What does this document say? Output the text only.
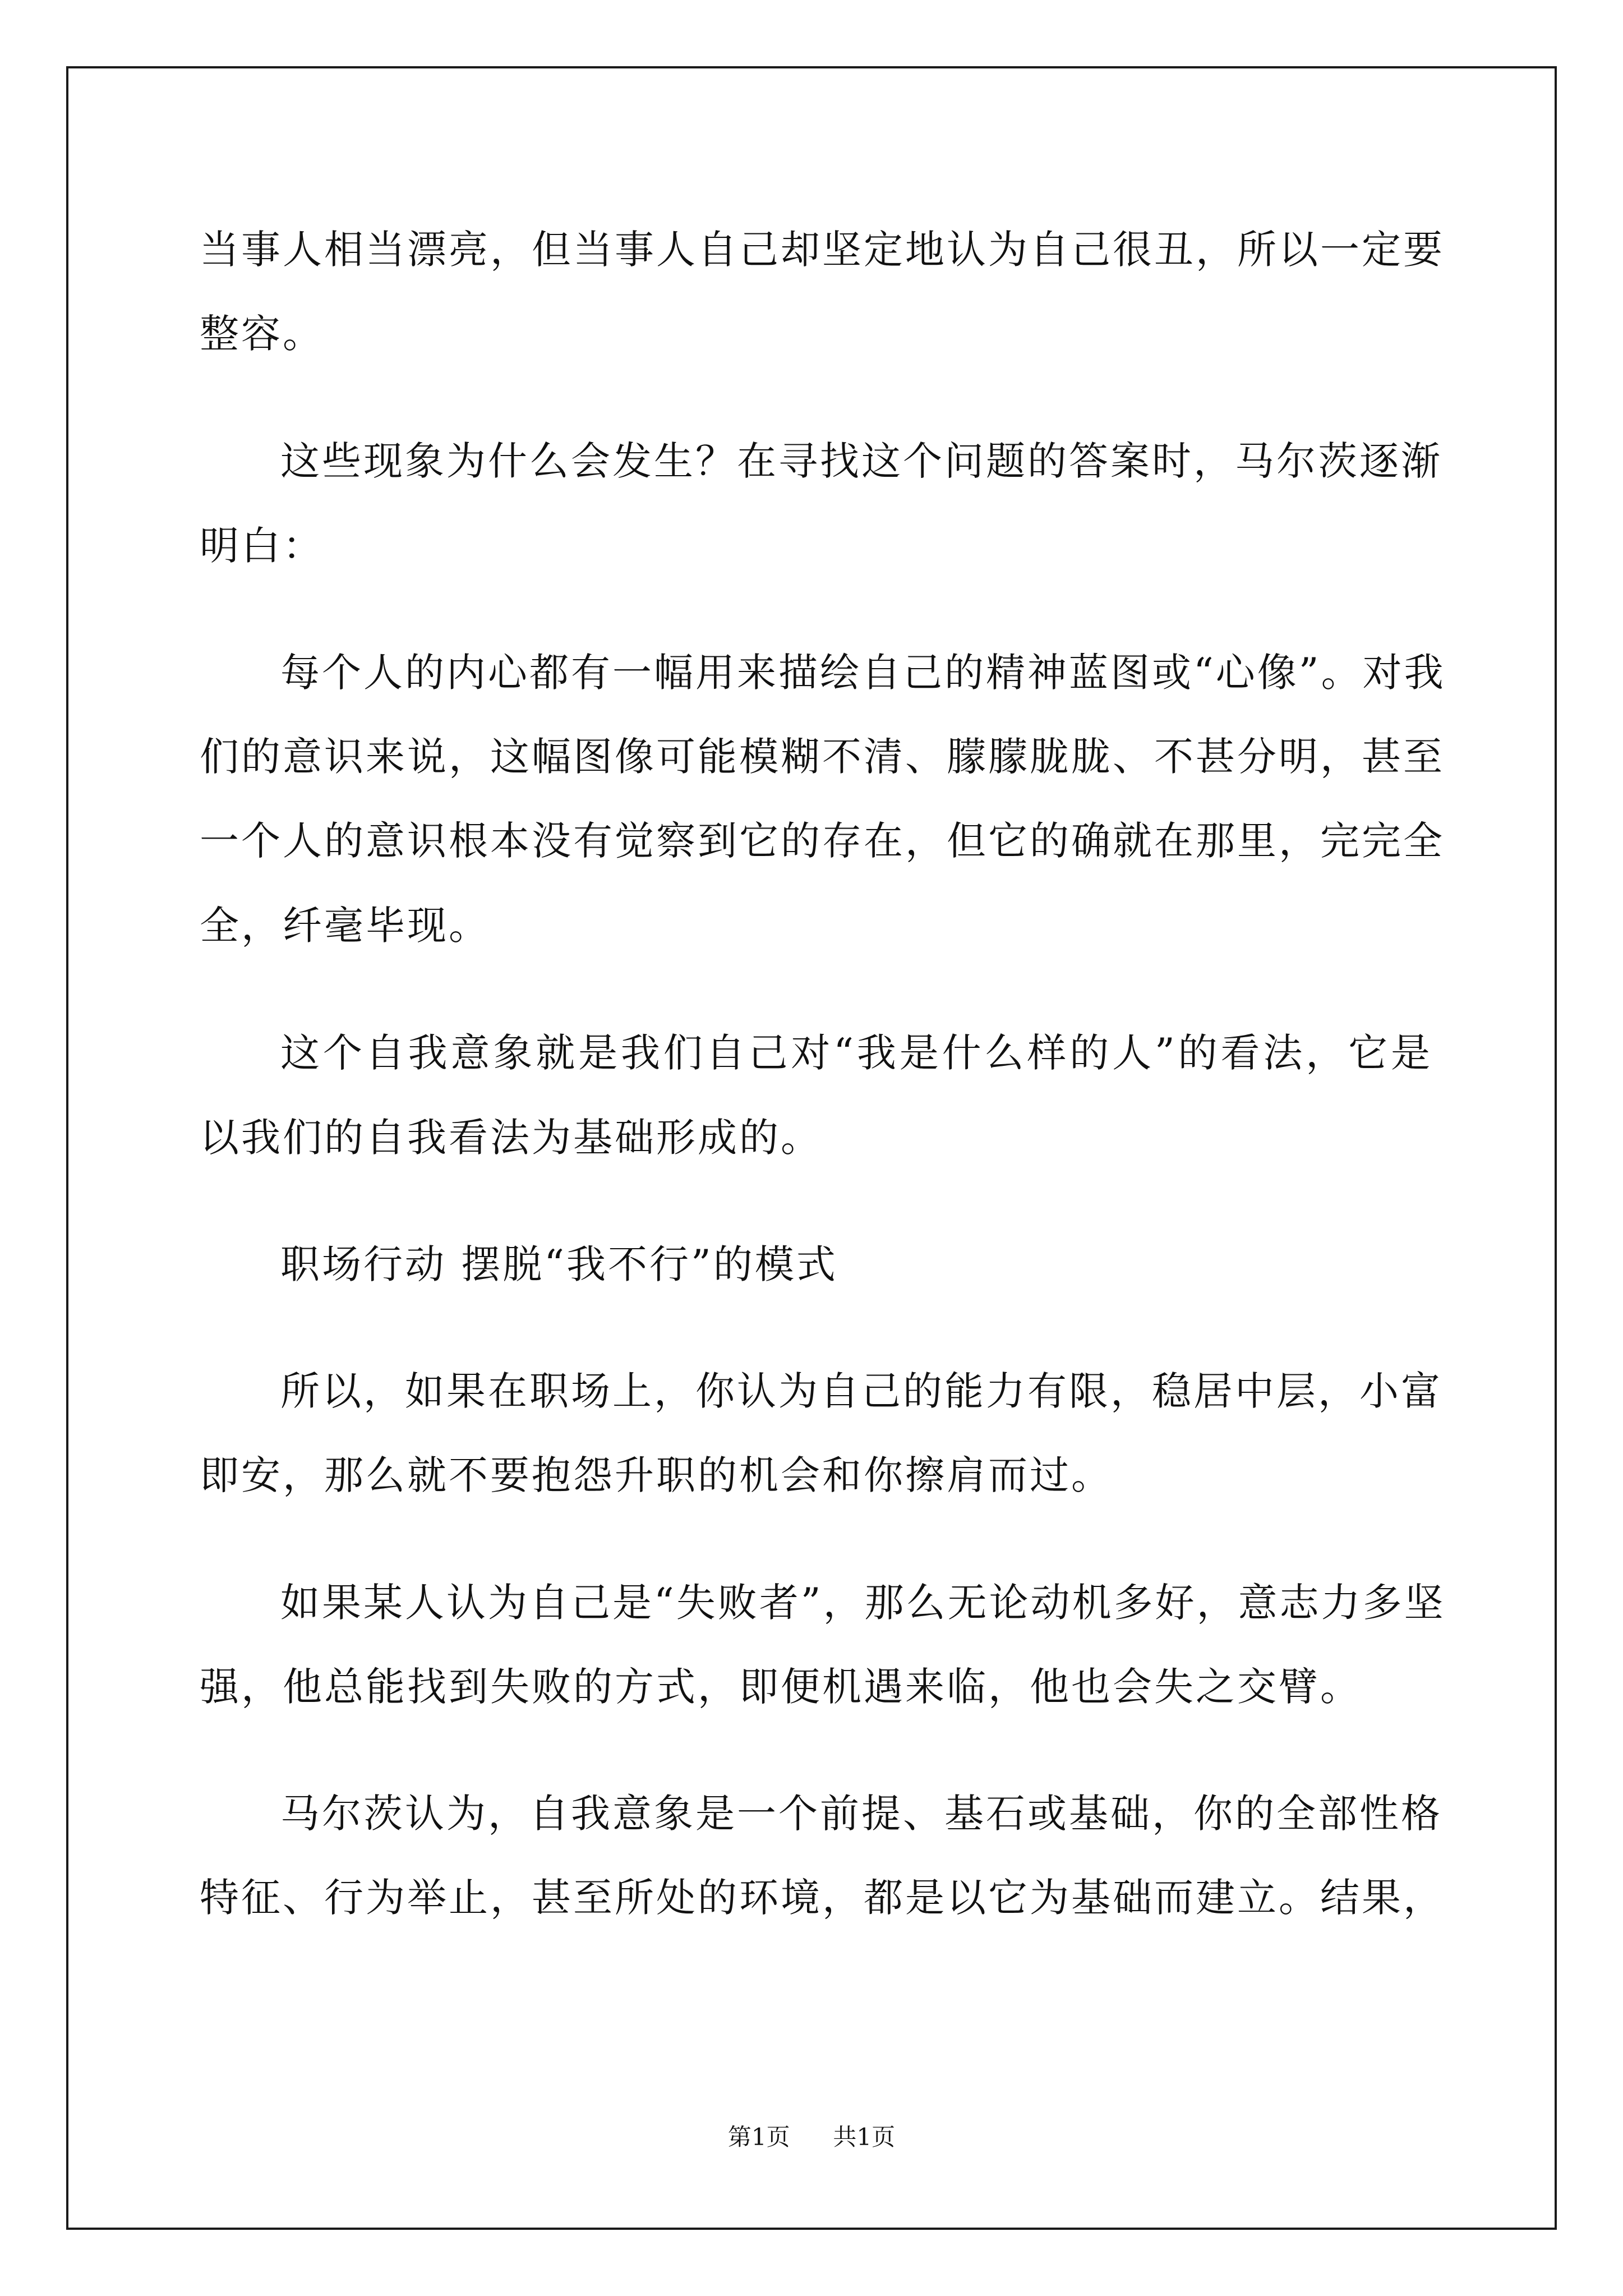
当事人相当漂亮，但当事人自己却坚定地认为自己很丑，所以一定要
整容。
这些现象为什么会发生？在寻找这个问题的答案时，马尔茨逐渐
明白：
每个人的内心都有一幅用来描绘自己的精神蓝图或“心像”。对我
们的意识来说，这幅图像可能模糊不清、朦朦胧胧、不甚分明，甚至
一个人的意识根本没有觉察到它的存在，但它的确就在那里，完完全
全，纤毫毕现。
这个自我意象就是我们自己对“我是什么样的人”的看法，它是
以我们的自我看法为基础形成的。
职场行动 摆脱“我不行”的模式
所以，如果在职场上，你认为自己的能力有限，稳居中层，小富
即安，那么就不要抱怨升职的机会和你擦肩而过。
如果某人认为自己是“失败者”，那么无论动机多好，意志力多坚
强，他总能找到失败的方式，即便机遇来临，他也会失之交臂。
马尔茨认为，自我意象是一个前提、基石或基础，你的全部性格
特征、行为举止，甚至所处的环境，都是以它为基础而建立。结果，
第1页 共1页
